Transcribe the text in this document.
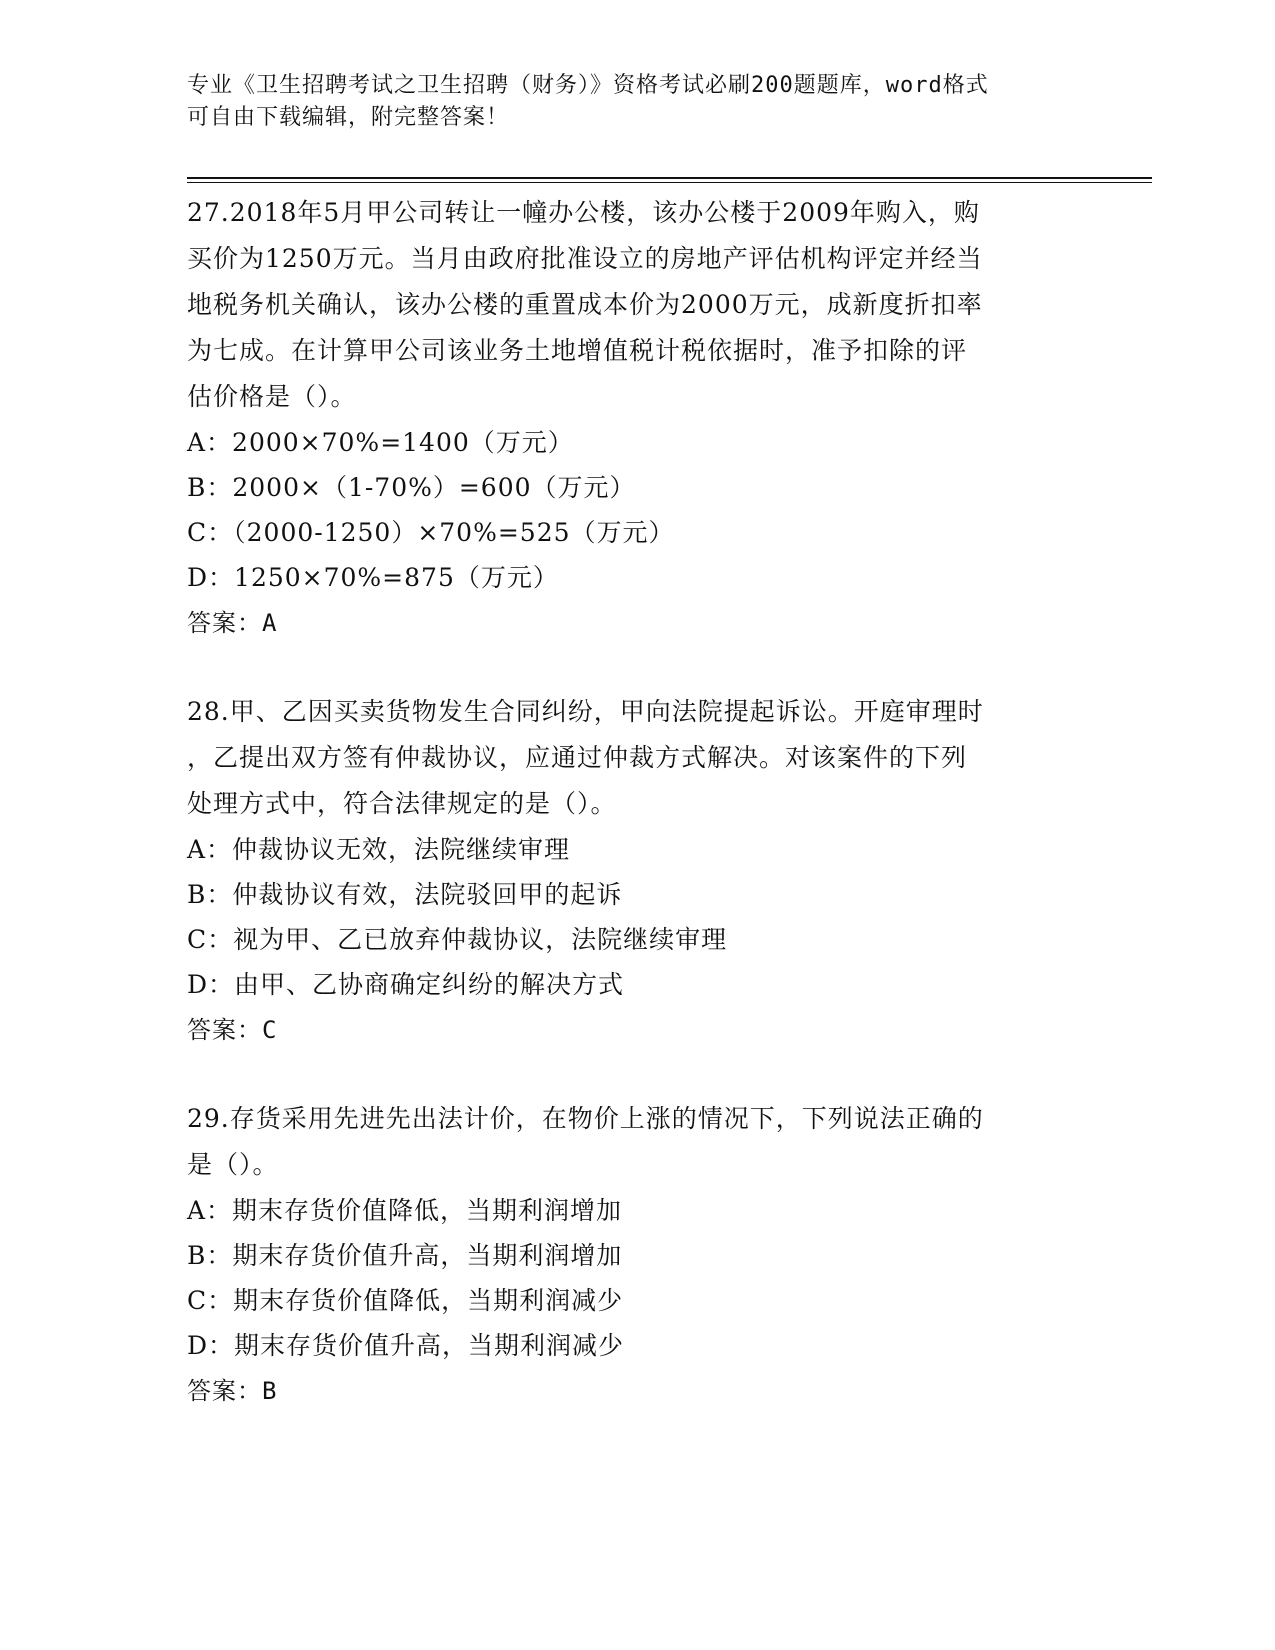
专业《卫生招聘考试之卫生招聘（财务）》资格考试必刷200题题库，word格式
可自由下载编辑，附完整答案！
27.2018年5月甲公司转让一幢办公楼，该办公楼于2009年购入，购
买价为1250万元。当月由政府批准设立的房地产评估机构评定并经当
地税务机关确认，该办公楼的重置成本价为2000万元，成新度折扣率
为七成。在计算甲公司该业务土地增值税计税依据时，准予扣除的评
估价格是（）。
A：2000×70%=1400（万元）
B：2000×（1-70%）=600（万元）
C：（2000-1250）×70%=525（万元）
D：1250×70%=875（万元）
答案：A
28.甲、乙因买卖货物发生合同纠纷，甲向法院提起诉讼。开庭审理时
，乙提出双方签有仲裁协议，应通过仲裁方式解决。对该案件的下列
处理方式中，符合法律规定的是（）。
A：仲裁协议无效，法院继续审理
B：仲裁协议有效，法院驳回甲的起诉
C：视为甲、乙已放弃仲裁协议，法院继续审理
D：由甲、乙协商确定纠纷的解决方式
答案：C
29.存货采用先进先出法计价，在物价上涨的情况下，下列说法正确的
是（）。
A：期末存货价值降低，当期利润增加
B：期末存货价值升高，当期利润增加
C：期末存货价值降低，当期利润减少
D：期末存货价值升高，当期利润减少
答案：B
